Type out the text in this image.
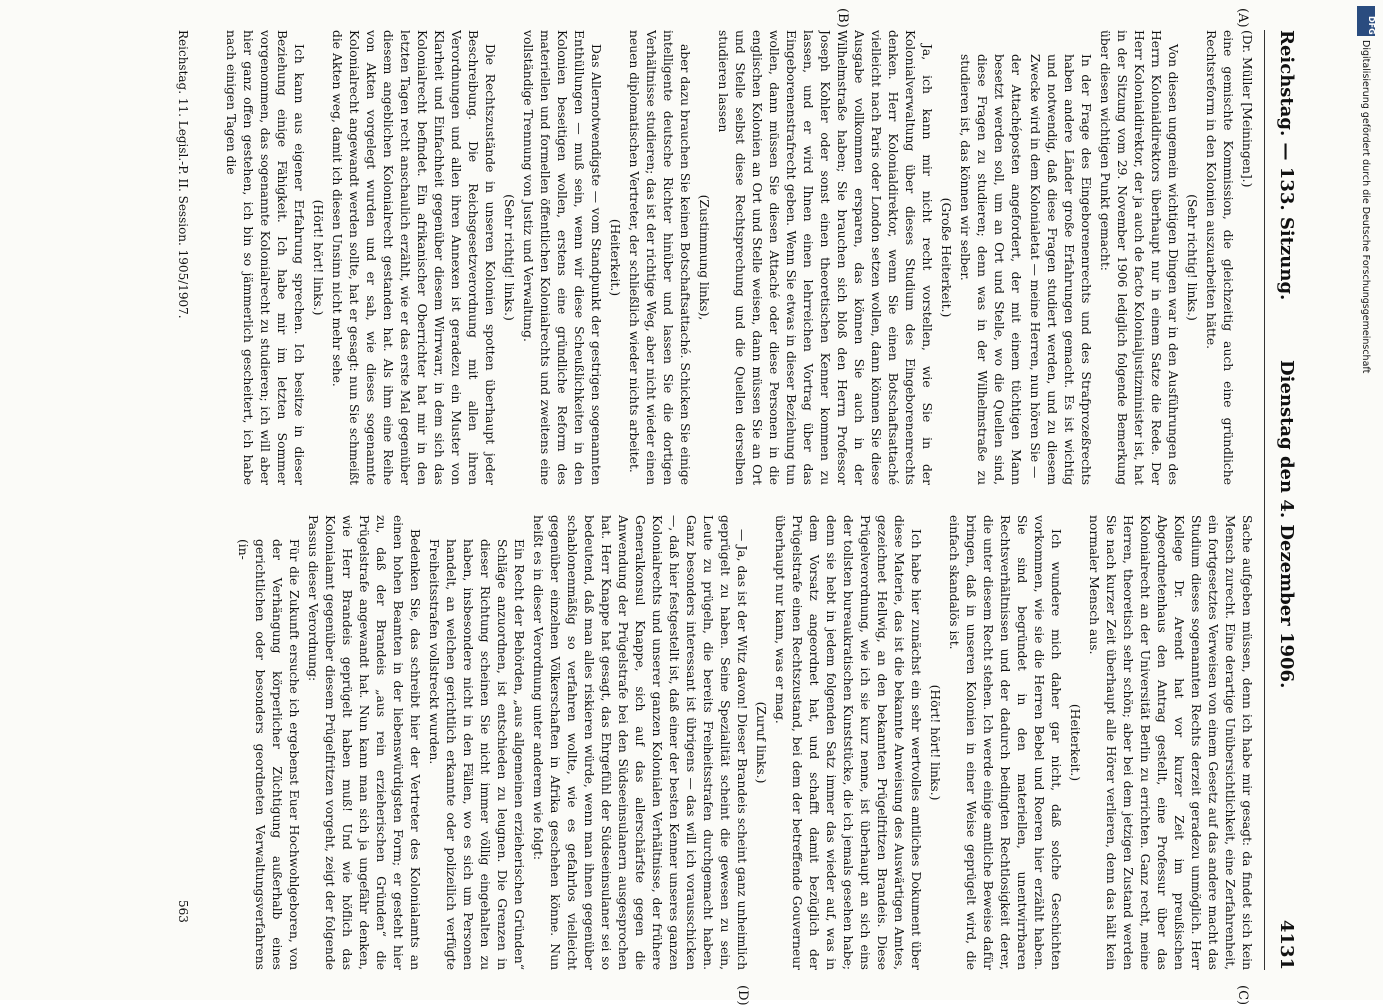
Reichstag. — 133. Sitzung.
Dienstag den 4. Dezember 1906.
4131
(A)
(B)
(C)
(D)

(Dr. Müller [Meiningen].)

eine gemischte Kommission, die gleichzeitig auch eine gründliche Rechtsreform in den Kolonien auszuarbeiten hätte.

(Sehr richtig! links.)

Von diesen ungemein wichtigen Dingen war in den Ausführungen des Herrn Kolonialdirektors überhaupt nur in einem Satze die Rede. Der Herr Kolonialdirektor, der ja auch de facto Kolonialjustizminister ist, hat in der Sitzung vom 29. November 1906 lediglich folgende Bemerkung über diesen wichtigen Punkt gemacht:

In der Frage des Eingeborenenrechts und des Strafprozeßrechts haben andere Länder große Erfahrungen gemacht. Es ist wichtig und notwendig, daß diese Fragen studiert werden, und zu diesem Zwecke wird in dem Kolonialetat — meine Herren, nun hören Sie —

der Attachéposten angefordert, der mit einem tüchtigen Mann besetzt werden soll, um an Ort und Stelle, wo die Quellen sind, diese Fragen zu studieren; denn was in der Wilhelmstraße zu studieren ist, das können wir selber.

(Große Heiterkeit.)

Ja, ich kann mir nicht recht vorstellen, wie Sie in der Kolonialverwaltung über dieses Studium des Eingeborenenrechts denken. Herr Kolonialdirektor, wenn Sie einen Botschaftsattaché vielleicht nach Paris oder London setzen wollen, dann können Sie diese Ausgabe vollkommen ersparen, das können Sie auch in der Wilhelmstraße haben; Sie brauchen sich bloß den Herrn Professor Joseph Kohler oder sonst einen theoretischen Kenner kommen zu lassen, und er wird Ihnen einen lehrreichen Vortrag über das Eingeborenenstrafrecht geben. Wenn Sie etwas in dieser Beziehung tun wollen, dann müssen Sie diesen Attaché oder diese Personen in die englischen Kolonien an Ort und Stelle weisen, dann müssen Sie an Ort und Stelle selbst diese Rechtsprechung und die Quellen derselben studieren lassen

(Zustimmung links),

aber dazu brauchen Sie keinen Botschaftsattaché. Schicken Sie einige intelligente deutsche Richter hinüber und lassen Sie die dortigen Verhältnisse studieren; das ist der richtige Weg, aber nicht wieder einen neuen diplomatischen Vertreter, der schließlich wieder nichts arbeitet.

(Heiterkeit.)

Das Allernotwendigste — vom Standpunkt der gestrigen sogenannten Enthüllungen — muß sein, wenn wir diese Scheußlichkeiten in den Kolonien beseitigen wollen, erstens eine gründliche Reform des materiellen und formellen öffentlichen Kolonialrechts und zweitens eine vollständige Trennung von Justiz und Verwaltung.

(Sehr richtig! links.)

Die Rechtszustände in unseren Kolonien spotten überhaupt jeder Beschreibung. Die Reichsgesetzverordnung mit allen ihren Verordnungen und allen ihren Annexen ist geradezu ein Muster von Klarheit und Einfachheit gegenüber diesem Wirrwarr, in dem sich das Kolonialrecht befindet. Ein afrikanischer Oberrichter hat mir in den letzten Tagen recht anschaulich erzählt, wie er das erste Mal gegenüber diesem angeblichen Kolonialrecht gestanden hat. Als ihm eine Reihe von Akten vorgelegt wurden und er sah, wie dieses sogenannte Kolonialrecht angewandt werden sollte, hat er gesagt: nun Sie schmeißt die Akten weg, damit ich diesen Unsinn nicht mehr sehe.

(Hört! hört! links.)

Ich kann aus eigener Erfahrung sprechen. Ich besitze in dieser Beziehung einige Fähigkeit. Ich habe mir im letzten Sommer vorgenommen, das sogenannte Kolonialrecht zu studieren; ich will aber hier ganz offen gestehen, ich bin so jämmerlich gescheitert, ich habe nach einigen Tagen die

Sache aufgeben müssen, denn ich habe mir gesagt: da findet sich kein Mensch zurecht. Eine derartige Unübersichtlichkeit, eine Zerfahrenheit, ein fortgesetztes Verweisen von einem Gesetz auf das andere macht das Studium dieses sogenannten Rechts derzeit geradezu unmöglich. Herr Kollege Dr. Arendt hat vor kurzer Zeit im preußischen Abgeordnetenhaus den Antrag gestellt, eine Professur über das Kolonialrecht an der Universität Berlin zu errichten. Ganz recht, meine Herren, theoretisch sehr schön; aber bei dem jetzigen Zustand werden Sie nach kurzer Zeit überhaupt alle Hörer verlieren, denn das hält kein normaler Mensch aus.

(Heiterkeit.)

Ich wundere mich daher gar nicht, daß solche Geschichten vorkommen, wie sie die Herren Bebel und Roeren hier erzählt haben. Sie sind begründet in den materiellen, unentwirrbaren Rechtsverhältnissen und der dadurch bedingten Rechtlosigkeit derer, die unter diesem Recht stehen. Ich werde einige amtliche Beweise dafür bringen, daß in unseren Kolonien in einer Weise geprügelt wird, die einfach skandalös ist.

(Hört! hört! links.)

Ich habe hier zunächst ein sehr wertvolles amtliches Dokument über diese Materie, das ist die bekannte Anweisung des Auswärtigen Amtes, gezeichnet Hellwig, an den bekannten Prügelfritzen Brandeis. Diese Prügelverordnung, wie ich sie kurz nenne, ist überhaupt an sich eins der tollsten bureaukratischen Kunststücke, die ich jemals gesehen habe; denn sie hebt in jedem folgenden Satz immer das wieder auf, was in dem Vorsatz angeordnet hat, und schafft damit bezüglich der Prügelstrafe einen Rechtszustand, bei dem der betreffende Gouverneur überhaupt nur kann, was er mag.

(Zuruf links.)

— Ja, das ist der Witz davon! Dieser Brandeis scheint ganz unheimlich geprügelt zu haben. Seine Spezialität scheint die gewesen zu sein, Leute zu prügeln, die bereits Freiheitsstrafen durchgemacht haben. Ganz besonders interessant ist übrigens — das will ich vorausschicken —, daß hier festgestellt ist, daß einer der besten Kenner unseres ganzen Kolonialrechts und unserer ganzen Kolonialen Verhältnisse, der frühere Generalkonsul Knappe, sich auf das allerschärfste gegen die Anwendung der Prügelstrafe bei den Südseeinsulanern ausgesprochen hat. Herr Knappe hat gesagt, das Ehrgefühl der Südseeinsulaner sei so bedeutend, daß man alles riskieren würde, wenn man ihnen gegenüber schablonenmäßig so verfahren wollte, wie es gefahrlos vielleicht gegenüber einzelnen Völkerschaften in Afrika geschehen könne. Nun heißt es in dieser Verordnung unter anderem wie folgt:

Ein Recht der Behörden, „aus allgemeinen erzieherischen Gründen“ Schläge anzuordnen, ist entschieden zu leugnen. Die Grenzen in dieser Richtung scheinen Sie nicht immer völlig eingehalten zu haben, insbesondere nicht in den Fällen, wo es sich um Personen handelt, an welchen gerichtlich erkannte oder polizeilich verfügte Freiheitsstrafen vollstreckt wurden.

Bedenken Sie, das schreibt hier der Vertreter des Kolonialamts an einen hohen Beamten in der liebenswürdigsten Form; er gesteht hier zu, daß der Brandeis „aus rein erzieherischen Gründen“ die Prügelstrafe angewandt hat. Nun kann man sich ja ungefähr denken, wie Herr Brandeis geprügelt haben muß! Und wie höflich das Kolonialamt gegenüber diesem Prügelfritzen vorgeht, zeigt der folgende Passus dieser Verordnung:

Für die Zukunft ersuche ich ergebenst Euer Hochwohlgeboren, von der Verhängung körperlicher Züchtigung außerhalb eines gerichtlichen oder besonders geordneten Verwaltungsverfahrens (in-

Reichstag. 11. Legisl.-P. II. Session. 1905/1907.
563
DFG
Digitalisierung gefördert durch die Deutsche Forschungsgemeinschaft
